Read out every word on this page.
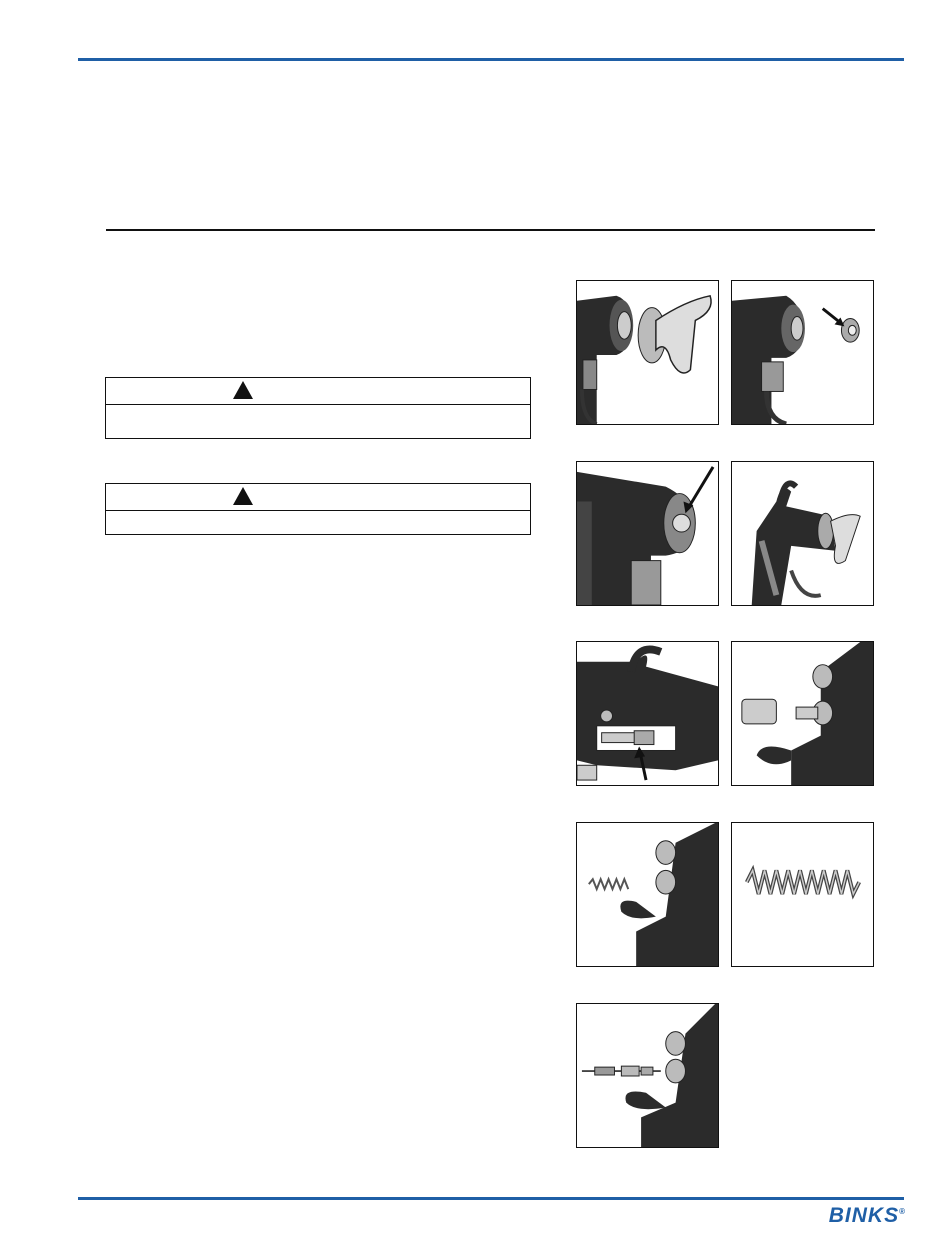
BINKS®
